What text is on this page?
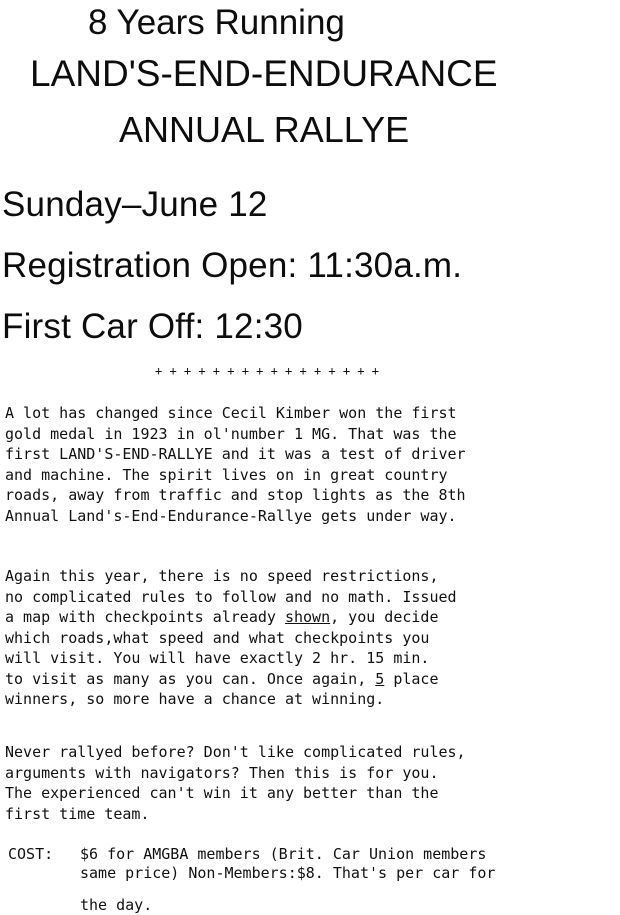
8 Years Running
LAND'S-END-ENDURANCE
ANNUAL RALLYE
Sunday–June 12
Registration Open: 11:30a.m.
First Car Off: 12:30
+ + + + + + + + + + + + + + + +
A lot has changed since Cecil Kimber won the first
gold medal in 1923 in ol'number 1 MG. That was the
first LAND'S-END-RALLYE and it was a test of driver
and machine. The spirit lives on in great country
roads, away from traffic and stop lights as the 8th
Annual Land's-End-Endurance-Rallye gets under way.
Again this year, there is no speed restrictions,
no complicated rules to follow and no math. Issued
a map with checkpoints already shown, you decide
which roads,what speed and what checkpoints you
will visit. You will have exactly 2 hr. 15 min.
to visit as many as you can. Once again, 5 place
winners, so more have a chance at winning.
Never rallyed before? Don't like complicated rules,
arguments with navigators? Then this is for you.
The experienced can't win it any better than the
first time team.
COST: $6 for AMGBA members (Brit. Car Union members
same price) Non-Members:$8. That's per car for
the day.
